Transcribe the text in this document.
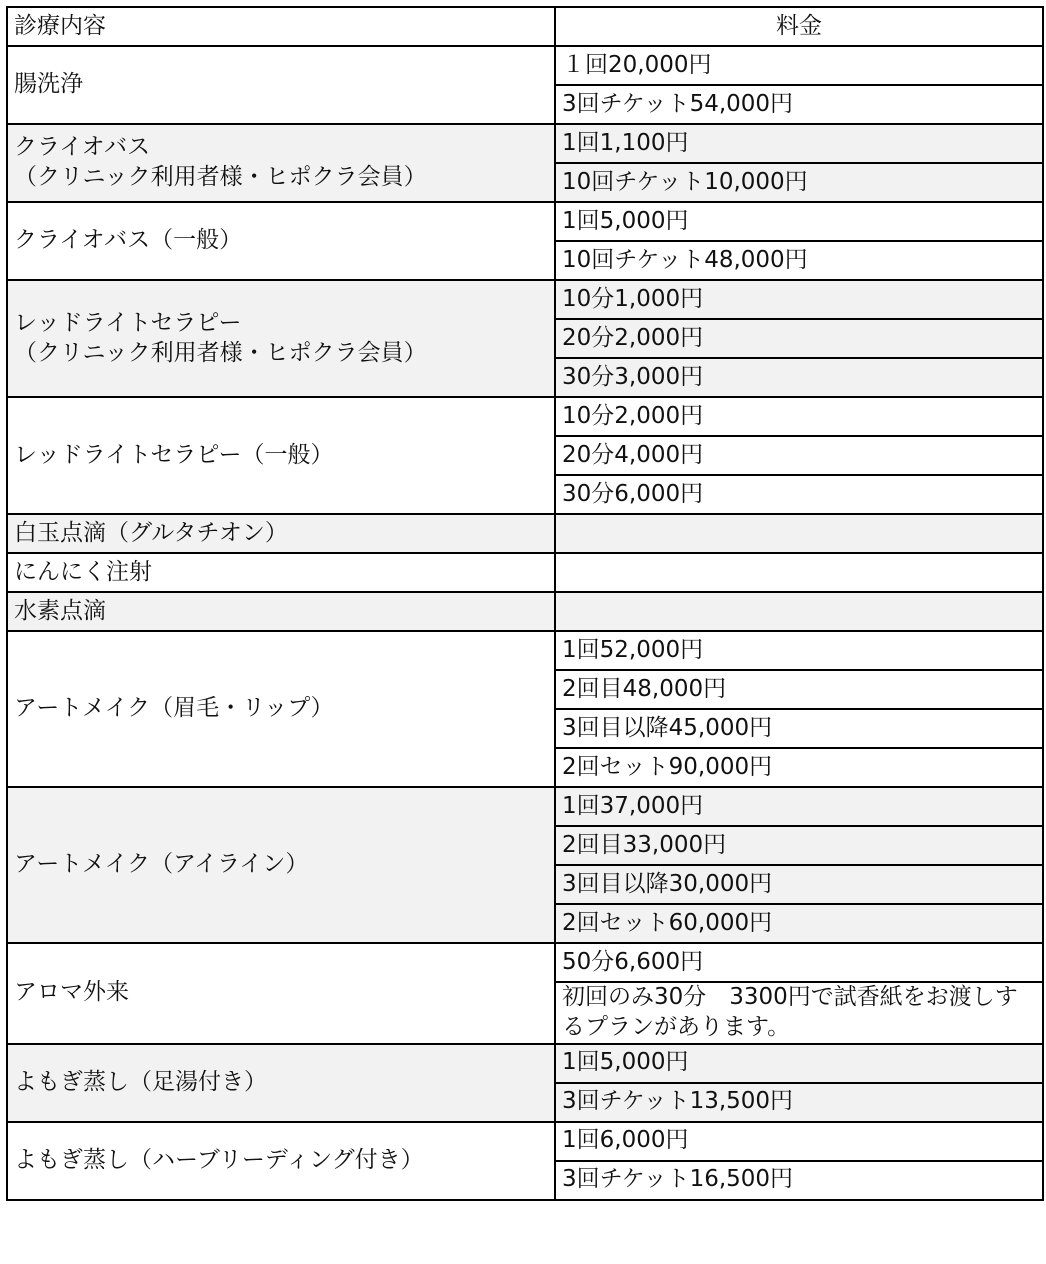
診療内容	料金

腸洗浄	１回20,000円
	3回チケット54,000円

クライオバス
（クリニック利用者様・ヒポクラ会員）	1回1,100円
	10回チケット10,000円

クライオバス（一般）	1回5,000円
	10回チケット48,000円

レッドライトセラピー
（クリニック利用者様・ヒポクラ会員）	10分1,000円
	20分2,000円
	30分3,000円

レッドライトセラピー（一般）	10分2,000円
	20分4,000円
	30分6,000円

白玉点滴（グルタチオン）	

にんにく注射	

水素点滴	

アートメイク（眉毛・リップ）	1回52,000円
	2回目48,000円
	3回目以降45,000円
	2回セット90,000円

アートメイク（アイライン）	1回37,000円
	2回目33,000円
	3回目以降30,000円
	2回セット60,000円

アロマ外来	50分6,600円
	初回のみ30分　3300円で試香紙をお渡しするプランがあります。

よもぎ蒸し（足湯付き）	1回5,000円
	3回チケット13,500円

よもぎ蒸し（ハーブリーディング付き）	1回6,000円
	3回チケット16,500円
